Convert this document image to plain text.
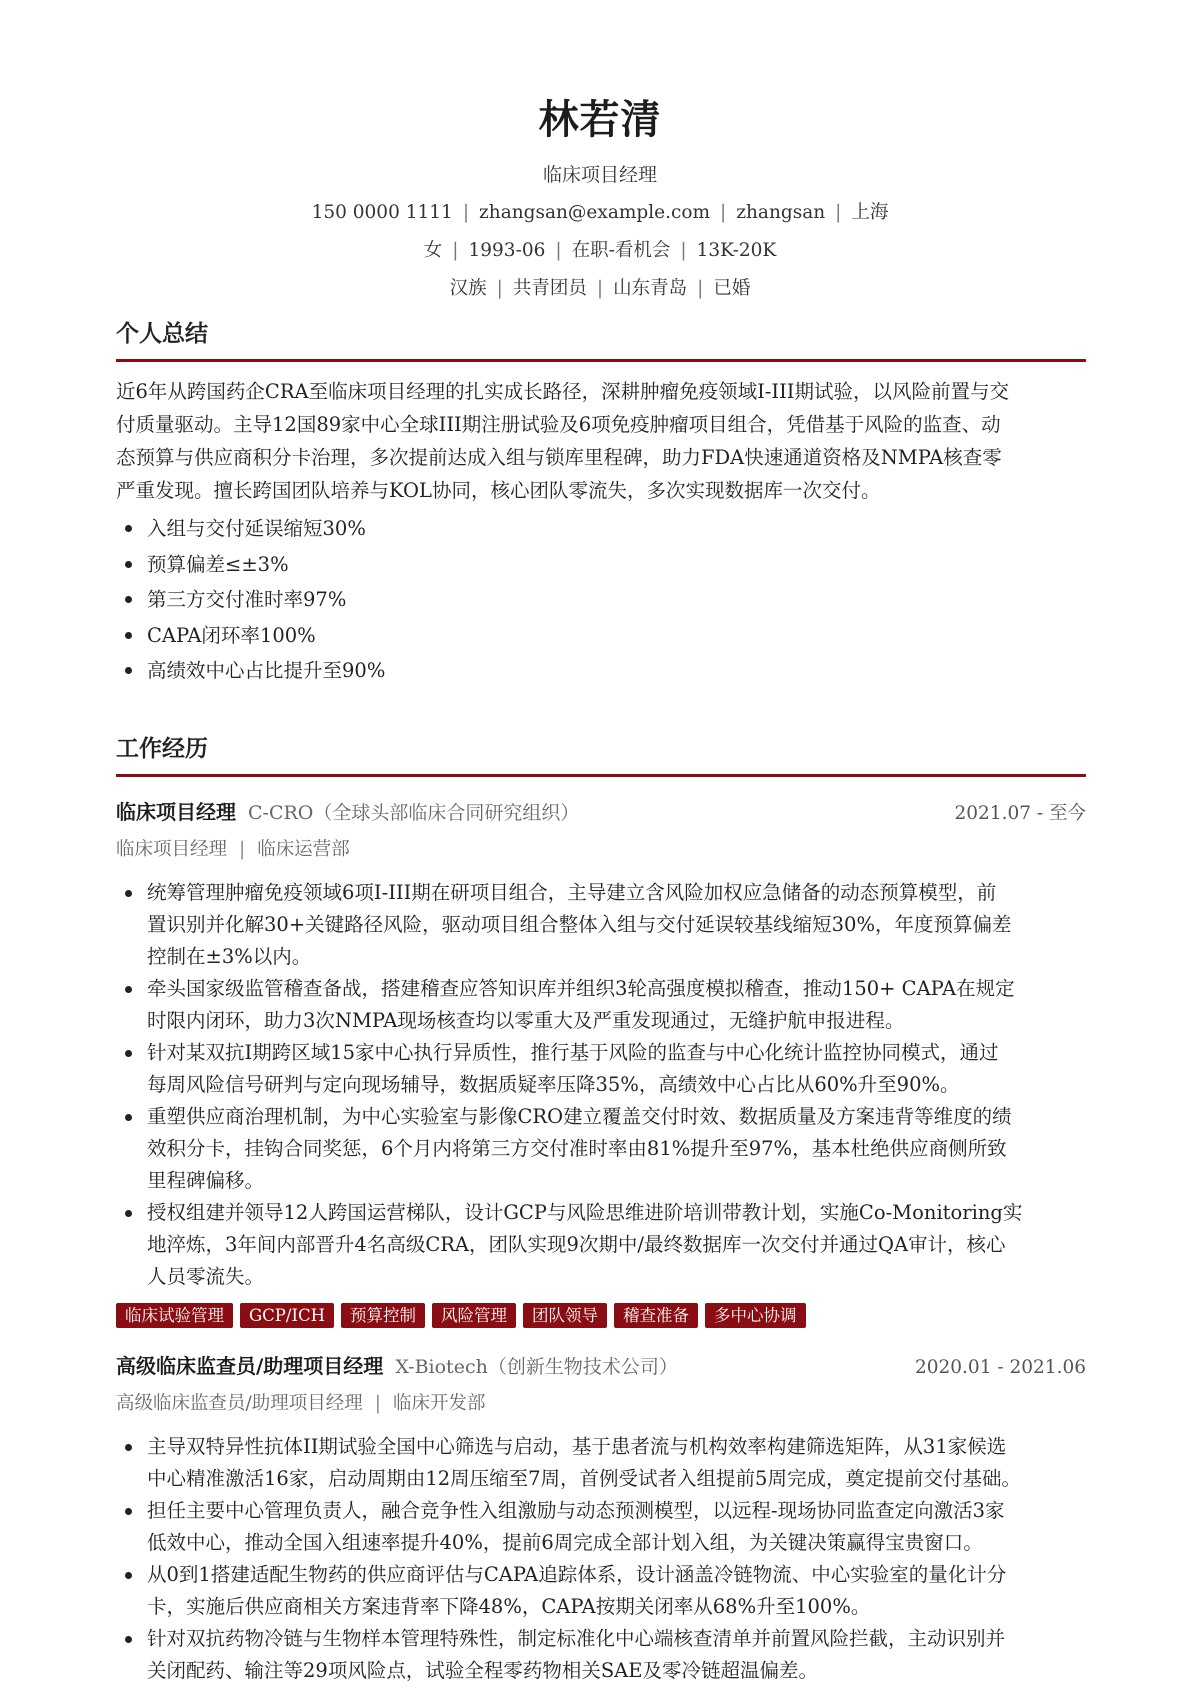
林若清
临床项目经理
150 0000 1111 | zhangsan@example.com | zhangsan | 上海
女 | 1993-06 | 在职-看机会 | 13K-20K
汉族 | 共青团员 | 山东青岛 | 已婚
个人总结
近6年从跨国药企CRA至临床项目经理的扎实成长路径，深耕肿瘤免疫领域I-III期试验，以风险前置与交
付质量驱动。主导12国89家中心全球III期注册试验及6项免疫肿瘤项目组合，凭借基于风险的监查、动
态预算与供应商积分卡治理，多次提前达成入组与锁库里程碑，助力FDA快速通道资格及NMPA核查零
严重发现。擅长跨国团队培养与KOL协同，核心团队零流失，多次实现数据库一次交付。
入组与交付延误缩短30%
预算偏差≤±3%
第三方交付准时率97%
CAPA闭环率100%
高绩效中心占比提升至90%
工作经历
临床项目经理 C-CRO（全球头部临床合同研究组织）	2021.07 - 至今
临床项目经理 | 临床运营部
统筹管理肿瘤免疫领域6项I-III期在研项目组合，主导建立含风险加权应急储备的动态预算模型，前
置识别并化解30+关键路径风险，驱动项目组合整体入组与交付延误较基线缩短30%，年度预算偏差
控制在±3%以内。
牵头国家级监管稽查备战，搭建稽查应答知识库并组织3轮高强度模拟稽查，推动150+ CAPA在规定
时限内闭环，助力3次NMPA现场核查均以零重大及严重发现通过，无缝护航申报进程。
针对某双抗I期跨区域15家中心执行异质性，推行基于风险的监查与中心化统计监控协同模式，通过
每周风险信号研判与定向现场辅导，数据质疑率压降35%，高绩效中心占比从60%升至90%。
重塑供应商治理机制，为中心实验室与影像CRO建立覆盖交付时效、数据质量及方案违背等维度的绩
效积分卡，挂钩合同奖惩，6个月内将第三方交付准时率由81%提升至97%，基本杜绝供应商侧所致
里程碑偏移。
授权组建并领导12人跨国运营梯队，设计GCP与风险思维进阶培训带教计划，实施Co-Monitoring实
地淬炼，3年间内部晋升4名高级CRA，团队实现9次期中/最终数据库一次交付并通过QA审计，核心
人员零流失。
临床试验管理	GCP/ICH	预算控制	风险管理	团队领导	稽查准备	多中心协调
高级临床监查员/助理项目经理 X-Biotech（创新生物技术公司）	2020.01 - 2021.06
高级临床监查员/助理项目经理 | 临床开发部
主导双特异性抗体II期试验全国中心筛选与启动，基于患者流与机构效率构建筛选矩阵，从31家候选
中心精准激活16家，启动周期由12周压缩至7周，首例受试者入组提前5周完成，奠定提前交付基础。
担任主要中心管理负责人，融合竞争性入组激励与动态预测模型，以远程-现场协同监查定向激活3家
低效中心，推动全国入组速率提升40%，提前6周完成全部计划入组，为关键决策赢得宝贵窗口。
从0到1搭建适配生物药的供应商评估与CAPA追踪体系，设计涵盖冷链物流、中心实验室的量化计分
卡，实施后供应商相关方案违背率下降48%，CAPA按期关闭率从68%升至100%。
针对双抗药物冷链与生物样本管理特殊性，制定标准化中心端核查清单并前置风险拦截，主动识别并
关闭配药、输注等29项风险点，试验全程零药物相关SAE及零冷链超温偏差。
